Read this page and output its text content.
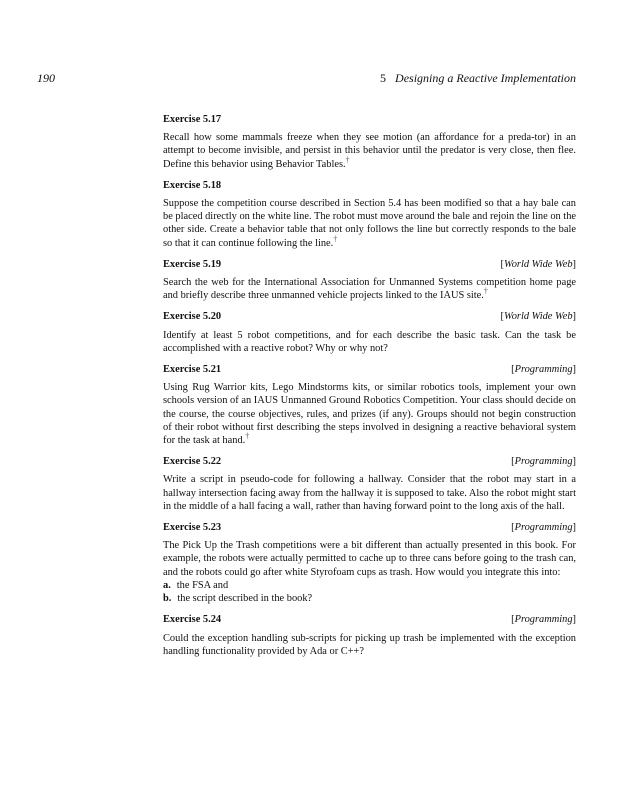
190	5 Designing a Reactive Implementation
Exercise 5.17

Recall how some mammals freeze when they see motion (an affordance for a preda-tor) in an attempt to become invisible, and persist in this behavior until the predator is very close, then flee. Define this behavior using Behavior Tables.†

Exercise 5.18

Suppose the competition course described in Section 5.4 has been modified so that a hay bale can be placed directly on the white line. The robot must move around the bale and rejoin the line on the other side. Create a behavior table that not only follows the line but correctly responds to the bale so that it can continue following the line.†

Exercise 5.19	[ World Wide Web ]

Search the web for the International Association for Unmanned Systems competition home page and briefly describe three unmanned vehicle projects linked to the IAUS site.†

Exercise 5.20	[ World Wide Web ]

Identify at least 5 robot competitions, and for each describe the basic task. Can the task be accomplished with a reactive robot? Why or why not?

Exercise 5.21	[ Programming ]

Using Rug Warrior kits, Lego Mindstorms kits, or similar robotics tools, implement your own schools version of an IAUS Unmanned Ground Robotics Competition. Your class should decide on the course, the course objectives, rules, and prizes (if any). Groups should not begin construction of their robot without first describing the steps involved in designing a reactive behavioral system for the task at hand.†

Exercise 5.22	[ Programming ]

Write a script in pseudo-code for following a hallway. Consider that the robot may start in a hallway intersection facing away from the hallway it is supposed to take. Also the robot might start in the middle of a hall facing a wall, rather than having forward point to the long axis of the hall.

Exercise 5.23	[ Programming ]

The Pick Up the Trash competitions were a bit different than actually presented in this book. For example, the robots were actually permitted to cache up to three cans before going to the trash can, and the robots could go after white Styrofoam cups as trash. How would you integrate this into:

a. the FSA and

b. the script described in the book?

Exercise 5.24	[ Programming ]

Could the exception handling sub-scripts for picking up trash be implemented with the exception handling functionality provided by Ada or C++?
